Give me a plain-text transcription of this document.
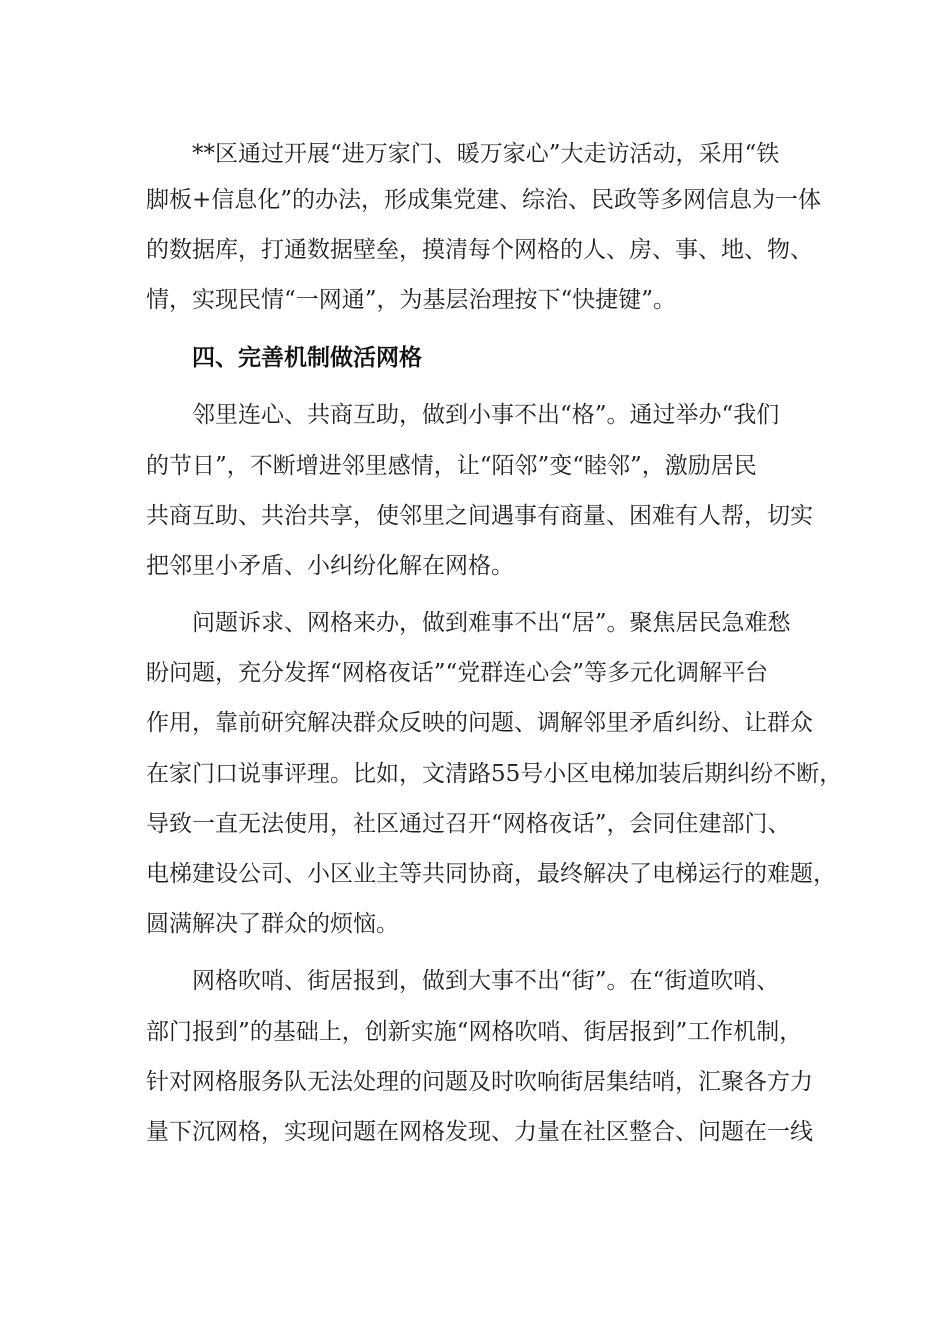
**区通过开展“进万家门、暖万家心”大走访活动，采用“铁
脚板+信息化”的办法，形成集党建、综治、民政等多网信息为一体
的数据库，打通数据壁垒，摸清每个网格的人、房、事、地、物、
情，实现民情“一网通”，为基层治理按下“快捷键”。
四、完善机制做活网格
邻里连心、共商互助，做到小事不出“格”。通过举办“我们
的节日”，不断增进邻里感情，让“陌邻”变“睦邻”，激励居民
共商互助、共治共享，使邻里之间遇事有商量、困难有人帮，切实
把邻里小矛盾、小纠纷化解在网格。
问题诉求、网格来办，做到难事不出“居”。聚焦居民急难愁
盼问题，充分发挥“网格夜话”“党群连心会”等多元化调解平台
作用，靠前研究解决群众反映的问题、调解邻里矛盾纠纷、让群众
在家门口说事评理。比如，文清路55号小区电梯加装后期纠纷不断，
导致一直无法使用，社区通过召开“网格夜话”，会同住建部门、
电梯建设公司、小区业主等共同协商，最终解决了电梯运行的难题，
圆满解决了群众的烦恼。
网格吹哨、街居报到，做到大事不出“街”。在“街道吹哨、
部门报到”的基础上，创新实施“网格吹哨、街居报到”工作机制，
针对网格服务队无法处理的问题及时吹响街居集结哨，汇聚各方力
量下沉网格，实现问题在网格发现、力量在社区整合、问题在一线
